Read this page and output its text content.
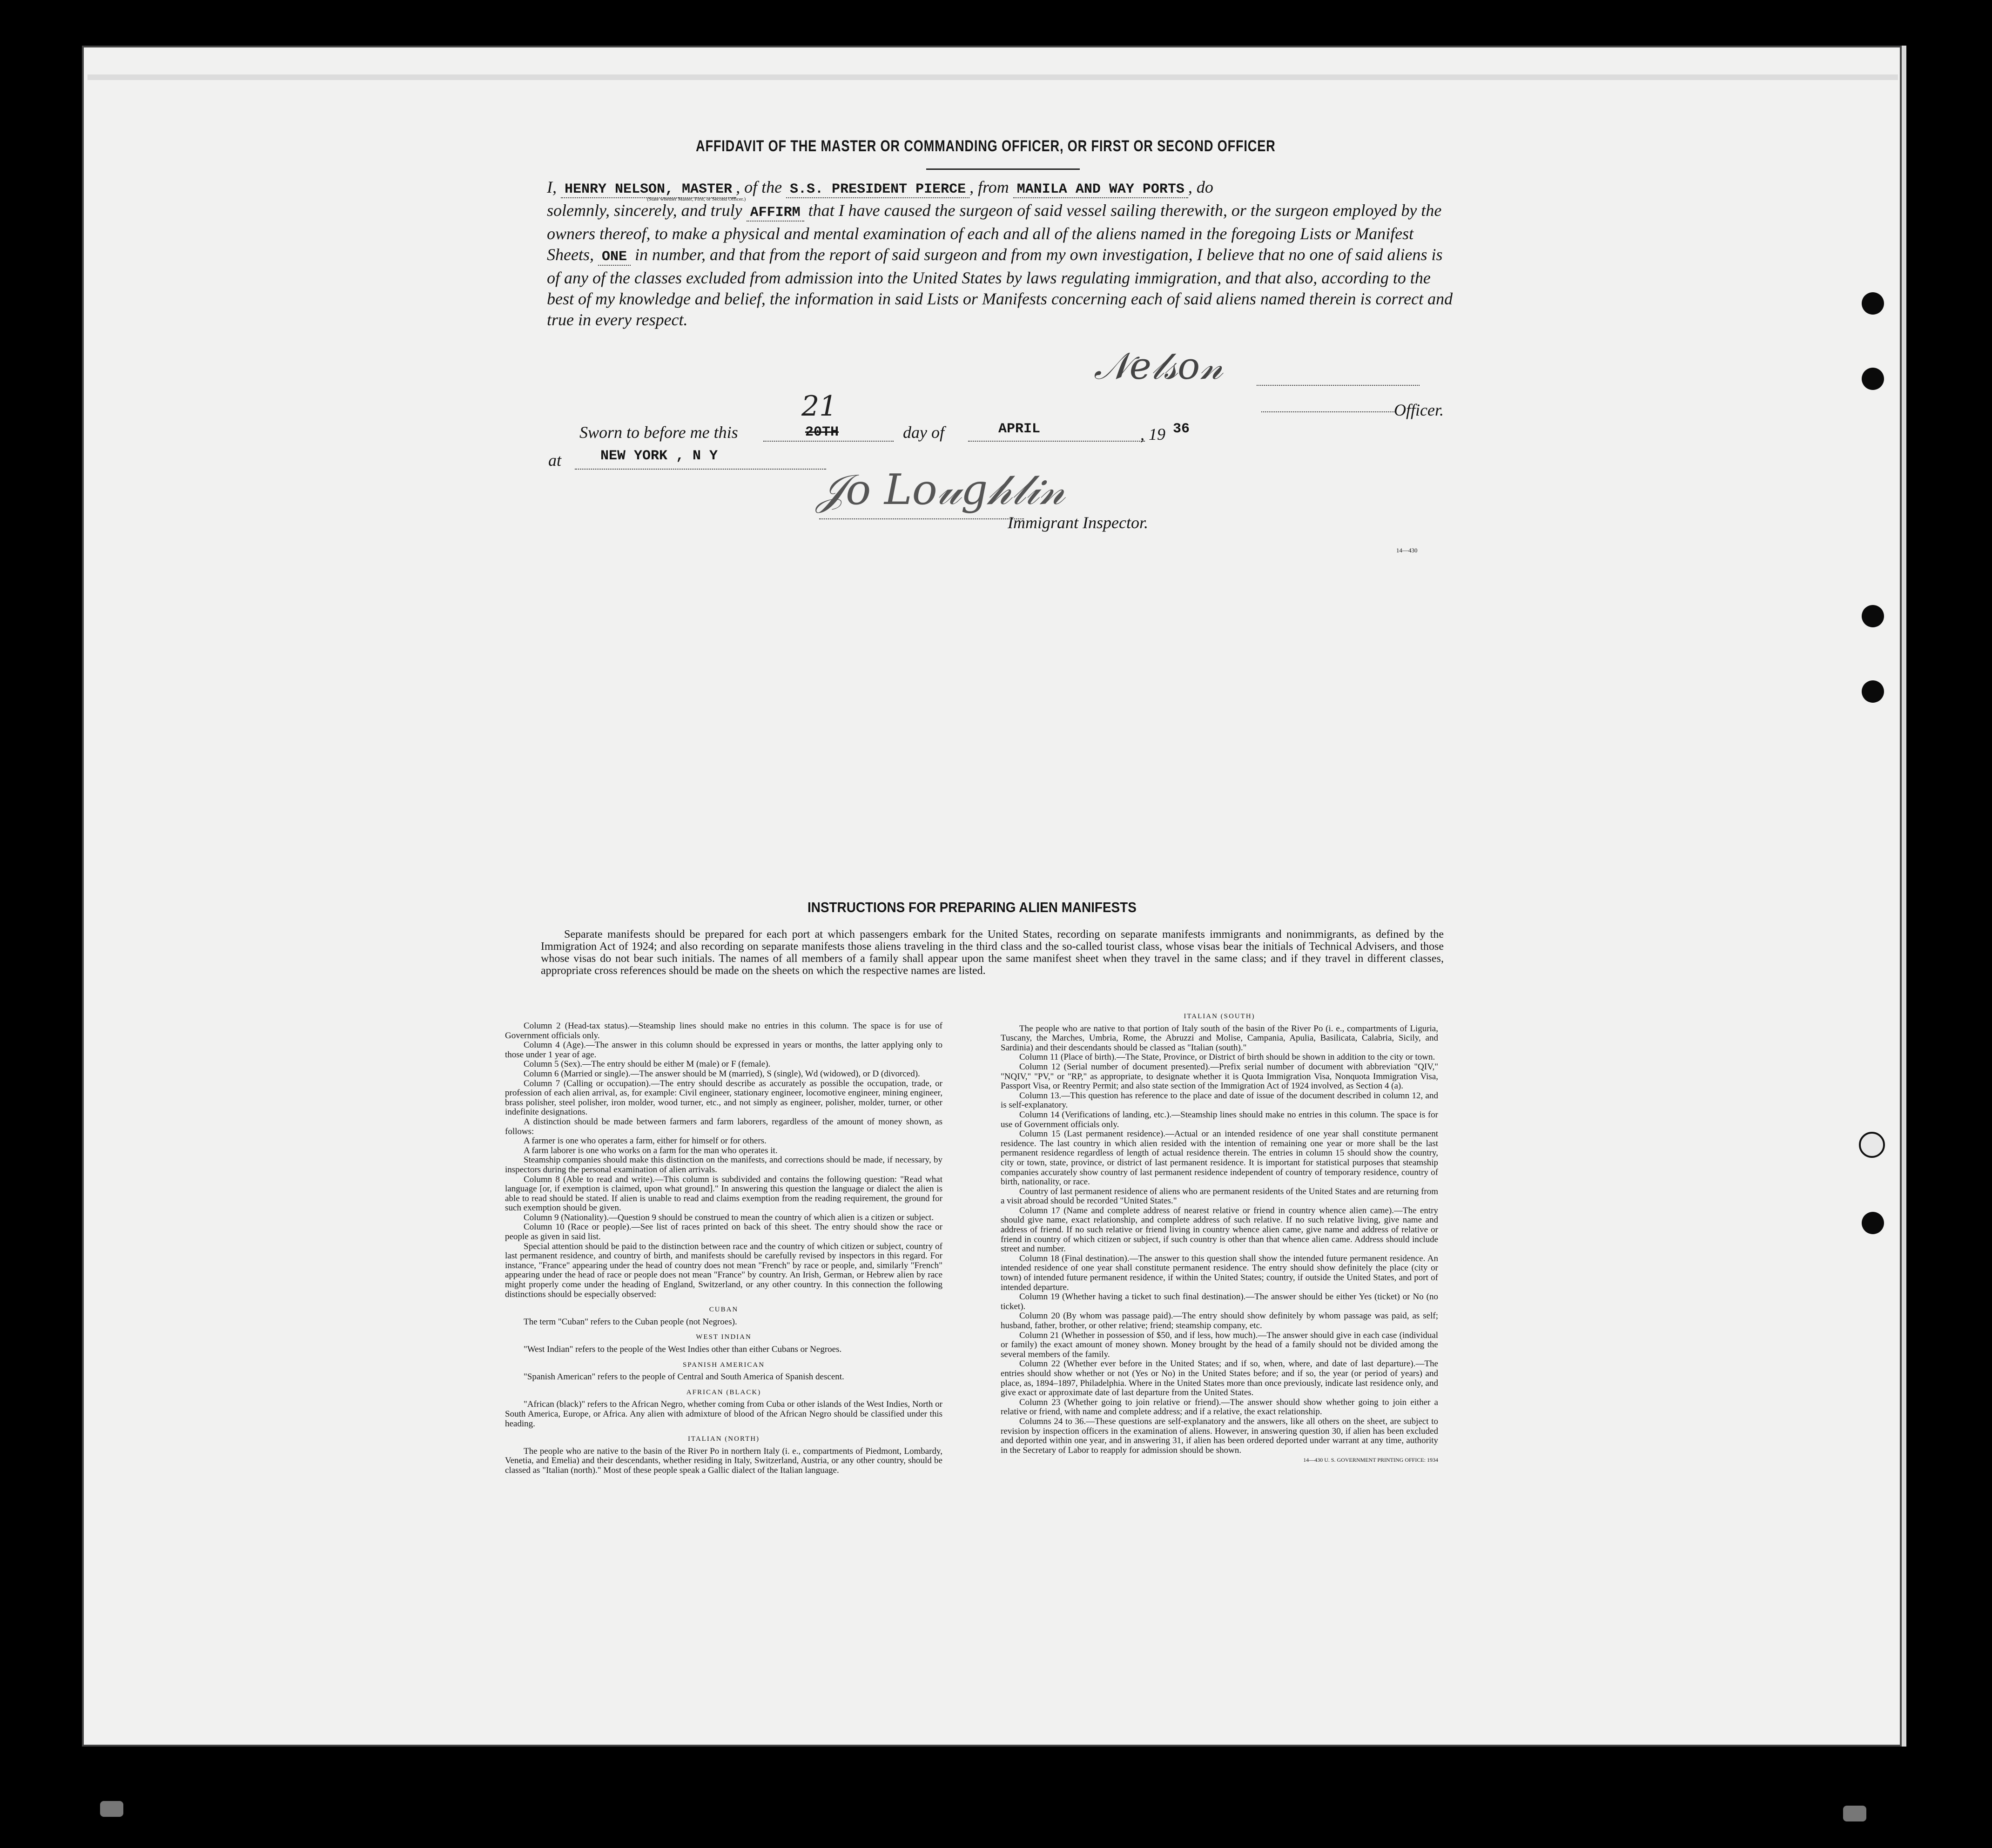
AFFIDAVIT OF THE MASTER OR COMMANDING OFFICER, OR FIRST OR SECOND OFFICER
I, HENRY NELSON, MASTER , of the S.S. PRESIDENT PIERCE , from MANILA AND WAY PORTS , do
solemnly, sincerely, and truly AFFIRM that I have caused the surgeon of said vessel sailing therewith, or the surgeon employed by the owners thereof, to make a physical and mental examination of each and all of the aliens named in the foregoing Lists or Manifest Sheets, ONE in number, and that from the report of said surgeon and from my own investigation, I believe that no one of said aliens is of any of the classes excluded from admission into the United States by laws regulating immigration, and that also, according to the best of my knowledge and belief, the information in said Lists or Manifests concerning each of said aliens named therein is correct and true in every respect.
(State whether Master, First, or Second Officer.)
𝒩𝑒𝓁𝓈𝑜𝓃
Officer.
Sworn to before me this
21
20TH	day of	APRIL	, 19 36
at	NEW YORK , N Y
𝒥𝑜 𝐿𝑜𝓊𝑔𝒽𝓁𝒾𝓃
Immigrant Inspector.
14—430
INSTRUCTIONS FOR PREPARING ALIEN MANIFESTS
Separate manifests should be prepared for each port at which passengers embark for the United States, recording on separate manifests immigrants and nonimmigrants, as defined by the Immigration Act of 1924; and also recording on separate manifests those aliens traveling in the third class and the so-called tourist class, whose visas bear the initials of Technical Advisers, and those whose visas do not bear such initials. The names of all members of a family shall appear upon the same manifest sheet when they travel in the same class; and if they travel in different classes, appropriate cross references should be made on the sheets on which the respective names are listed.

Column 2 (Head-tax status).—Steamship lines should make no entries in this column. The space is for use of Government officials only.

Column 4 (Age).—The answer in this column should be expressed in years or months, the latter applying only to those under 1 year of age.

Column 5 (Sex).—The entry should be either M (male) or F (female).

Column 6 (Married or single).—The answer should be M (married), S (single), Wd (widowed), or D (divorced).

Column 7 (Calling or occupation).—The entry should describe as accurately as possible the occupation, trade, or profession of each alien arrival, as, for example: Civil engineer, stationary engineer, locomotive engineer, mining engineer, brass polisher, steel polisher, iron molder, wood turner, etc., and not simply as engineer, polisher, molder, turner, or other indefinite designations.

A distinction should be made between farmers and farm laborers, regardless of the amount of money shown, as follows:

A farmer is one who operates a farm, either for himself or for others.

A farm laborer is one who works on a farm for the man who operates it.

Steamship companies should make this distinction on the manifests, and corrections should be made, if necessary, by inspectors during the personal examination of alien arrivals.

Column 8 (Able to read and write).—This column is subdivided and contains the following question: "Read what language [or, if exemption is claimed, upon what ground]." In answering this question the language or dialect the alien is able to read should be stated. If alien is unable to read and claims exemption from the reading requirement, the ground for such exemption should be given.

Column 9 (Nationality).—Question 9 should be construed to mean the country of which alien is a citizen or subject.

Column 10 (Race or people).—See list of races printed on back of this sheet. The entry should show the race or people as given in said list.

Special attention should be paid to the distinction between race and the country of which citizen or subject, country of last permanent residence, and country of birth, and manifests should be carefully revised by inspectors in this regard. For instance, "France" appearing under the head of country does not mean "French" by race or people, and, similarly "French" appearing under the head of race or people does not mean "France" by country. An Irish, German, or Hebrew alien by race might properly come under the heading of England, Switzerland, or any other country. In this connection the following distinctions should be especially observed:

CUBAN

The term "Cuban" refers to the Cuban people (not Negroes).

WEST INDIAN

"West Indian" refers to the people of the West Indies other than either Cubans or Negroes.

SPANISH AMERICAN

"Spanish American" refers to the people of Central and South America of Spanish descent.

AFRICAN (BLACK)

"African (black)" refers to the African Negro, whether coming from Cuba or other islands of the West Indies, North or South America, Europe, or Africa. Any alien with admixture of blood of the African Negro should be classified under this heading.

ITALIAN (NORTH)

The people who are native to the basin of the River Po in northern Italy (i. e., compartments of Piedmont, Lombardy, Venetia, and Emelia) and their descendants, whether residing in Italy, Switzerland, Austria, or any other country, should be classed as "Italian (north)." Most of these people speak a Gallic dialect of the Italian language.

ITALIAN (SOUTH)

The people who are native to that portion of Italy south of the basin of the River Po (i. e., compartments of Liguria, Tuscany, the Marches, Umbria, Rome, the Abruzzi and Molise, Campania, Apulia, Basilicata, Calabria, Sicily, and Sardinia) and their descendants should be classed as "Italian (south)."

Column 11 (Place of birth).—The State, Province, or District of birth should be shown in addition to the city or town.

Column 12 (Serial number of document presented).—Prefix serial number of document with abbreviation "QIV," "NQIV," "PV," or "RP," as appropriate, to designate whether it is Quota Immigration Visa, Nonquota Immigration Visa, Passport Visa, or Reentry Permit; and also state section of the Immigration Act of 1924 involved, as Section 4 (a).

Column 13.—This question has reference to the place and date of issue of the document described in column 12, and is self-explanatory.

Column 14 (Verifications of landing, etc.).—Steamship lines should make no entries in this column. The space is for use of Government officials only.

Column 15 (Last permanent residence).—Actual or an intended residence of one year shall constitute permanent residence. The last country in which alien resided with the intention of remaining one year or more shall be the last permanent residence regardless of length of actual residence therein. The entries in column 15 should show the country, city or town, state, province, or district of last permanent residence. It is important for statistical purposes that steamship companies accurately show country of last permanent residence independent of country of temporary residence, country of birth, nationality, or race.

Country of last permanent residence of aliens who are permanent residents of the United States and are returning from a visit abroad should be recorded "United States."

Column 17 (Name and complete address of nearest relative or friend in country whence alien came).—The entry should give name, exact relationship, and complete address of such relative. If no such relative living, give name and address of friend. If no such relative or friend living in country whence alien came, give name and address of relative or friend in country of which citizen or subject, if such country is other than that whence alien came. Address should include street and number.

Column 18 (Final destination).—The answer to this question shall show the intended future permanent residence. An intended residence of one year shall constitute permanent residence. The entry should show definitely the place (city or town) of intended future permanent residence, if within the United States; country, if outside the United States, and port of intended departure.

Column 19 (Whether having a ticket to such final destination).—The answer should be either Yes (ticket) or No (no ticket).

Column 20 (By whom was passage paid).—The entry should show definitely by whom passage was paid, as self; husband, father, brother, or other relative; friend; steamship company, etc.

Column 21 (Whether in possession of $50, and if less, how much).—The answer should give in each case (individual or family) the exact amount of money shown. Money brought by the head of a family should not be divided among the several members of the family.

Column 22 (Whether ever before in the United States; and if so, when, where, and date of last departure).—The entries should show whether or not (Yes or No) in the United States before; and if so, the year (or period of years) and place, as, 1894–1897, Philadelphia. Where in the United States more than once previously, indicate last residence only, and give exact or approximate date of last departure from the United States.

Column 23 (Whether going to join relative or friend).—The answer should show whether going to join either a relative or friend, with name and complete address; and if a relative, the exact relationship.

Columns 24 to 36.—These questions are self-explanatory and the answers, like all others on the sheet, are subject to revision by inspection officers in the examination of aliens. However, in answering question 30, if alien has been excluded and deported within one year, and in answering 31, if alien has been ordered deported under warrant at any time, authority in the Secretary of Labor to reapply for admission should be shown.

14—430 U. S. GOVERNMENT PRINTING OFFICE: 1934
